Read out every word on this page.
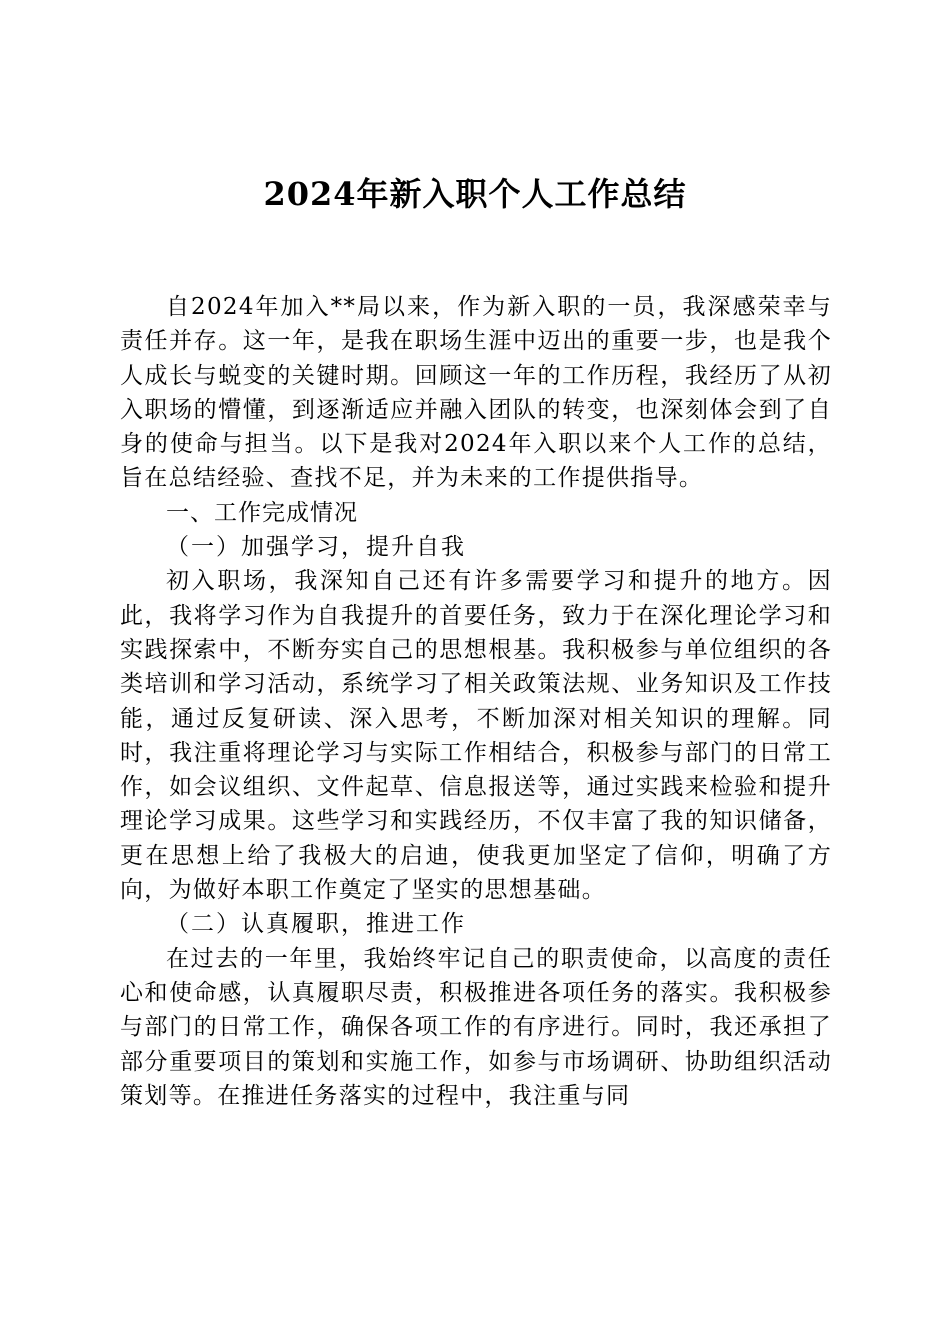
2024年新入职个人工作总结

自2024年加入**局以来，作为新入职的一员，我深感荣幸与责任并存。这一年，是我在职场生涯中迈出的重要一步，也是我个人成长与蜕变的关键时期。回顾这一年的工作历程，我经历了从初入职场的懵懂，到逐渐适应并融入团队的转变，也深刻体会到了自身的使命与担当。以下是我对2024年入职以来个人工作的总结，旨在总结经验、查找不足，并为未来的工作提供指导。

一、工作完成情况

（一）加强学习，提升自我

初入职场，我深知自己还有许多需要学习和提升的地方。因此，我将学习作为自我提升的首要任务，致力于在深化理论学习和实践探索中，不断夯实自己的思想根基。我积极参与单位组织的各类培训和学习活动，系统学习了相关政策法规、业务知识及工作技能，通过反复研读、深入思考，不断加深对相关知识的理解。同时，我注重将理论学习与实际工作相结合，积极参与部门的日常工作，如会议组织、文件起草、信息报送等，通过实践来检验和提升理论学习成果。这些学习和实践经历，不仅丰富了我的知识储备，更在思想上给了我极大的启迪，使我更加坚定了信仰，明确了方向，为做好本职工作奠定了坚实的思想基础。

（二）认真履职，推进工作

在过去的一年里，我始终牢记自己的职责使命，以高度的责任心和使命感，认真履职尽责，积极推进各项任务的落实。我积极参与部门的日常工作，确保各项工作的有序进行。同时，我还承担了部分重要项目的策划和实施工作，如参与市场调研、协助组织活动策划等。在推进任务落实的过程中，我注重与同
